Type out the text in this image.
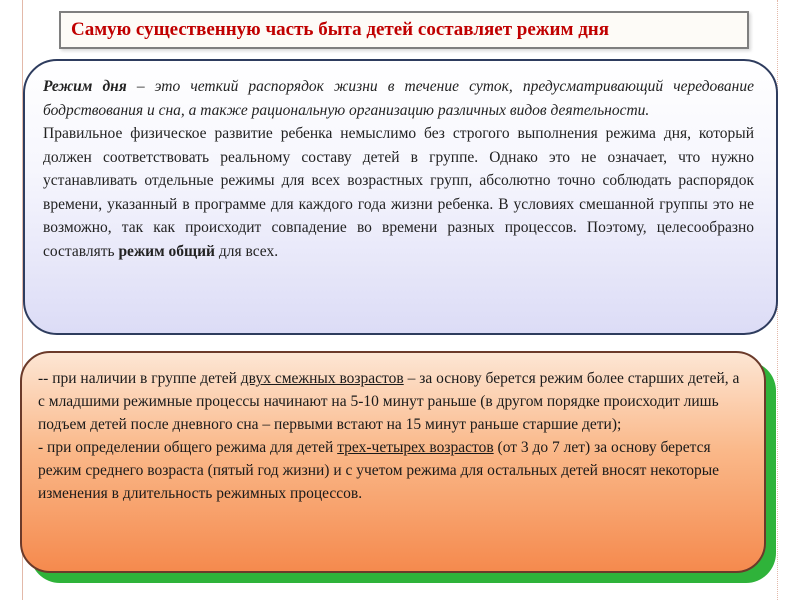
Самую существенную часть быта детей составляет режим дня

Режим дня – это четкий распорядок жизни в течение суток, предусматривающий чередование бодрствования и сна, а также рациональную организацию различных видов деятельности.

Правильное физическое развитие ребенка немыслимо без строгого выполнения режима дня, который должен соответствовать реальному составу детей в группе. Однако это не означает, что нужно устанавливать отдельные режимы для всех возрастных групп, абсолютно точно соблюдать распорядок времени, указанный в программе для каждого года жизни ребенка. В условиях смешанной группы это не возможно, так как происходит совпадение во времени разных процессов. Поэтому, целесообразно составлять режим общий для всех.

-- при наличии в группе детей двух смежных возрастов – за основу берется режим более старших детей, а с младшими режимные процессы начинают на 5-10 минут раньше (в другом порядке происходит лишь подъем детей после дневного сна – первыми встают на 15 минут раньше старшие дети);

- при определении общего режима для детей трех-четырех возрастов (от 3 до 7 лет) за основу берется режим среднего возраста (пятый год жизни) и с учетом режима для остальных детей вносят некоторые изменения в длительность режимных процессов.
